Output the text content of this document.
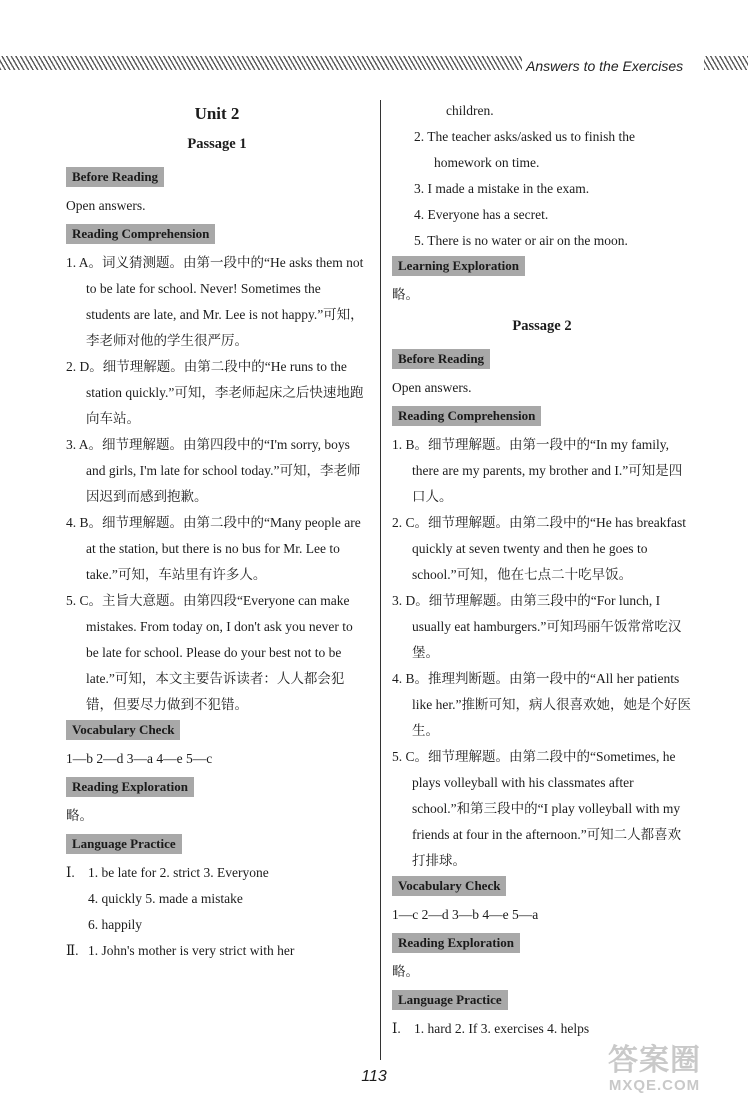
Answers to the Exercises
Unit 2
Passage 1
Before Reading

Open answers.

Reading Comprehension

1. A。词义猜测题。由第一段中的“He asks them not to be late for school. Never! Sometimes the students are late, and Mr. Lee is not happy.”可知，李老师对他的学生很严厉。

2. D。细节理解题。由第二段中的“He runs to the station quickly.”可知，李老师起床之后快速地跑向车站。

3. A。细节理解题。由第四段中的“I'm sorry, boys and girls, I'm late for school today.”可知，李老师因迟到而感到抱歉。

4. B。细节理解题。由第二段中的“Many people are at the station, but there is no bus for Mr. Lee to take.”可知，车站里有许多人。

5. C。主旨大意题。由第四段“Everyone can make mistakes. From today on, I don't ask you never to be late for school. Please do your best not to be late.”可知，本文主要告诉读者：人人都会犯错，但要尽力做到不犯错。

Vocabulary Check

1—b 2—d 3—a 4—e 5—c

Reading Exploration

略。

Language Practice

Ⅰ. 1. be late for 2. strict 3. Everyone

4. quickly 5. made a mistake

6. happily

Ⅱ. 1. John's mother is very strict with her

children.

2. The teacher asks/asked us to finish the homework on time.

3. I made a mistake in the exam.

4. Everyone has a secret.

5. There is no water or air on the moon.

Learning Exploration

略。

Passage 2
Before Reading

Open answers.

Reading Comprehension

1. B。细节理解题。由第一段中的“In my family, there are my parents, my brother and I.”可知是四口人。

2. C。细节理解题。由第二段中的“He has breakfast quickly at seven twenty and then he goes to school.”可知，他在七点二十吃早饭。

3. D。细节理解题。由第三段中的“For lunch, I usually eat hamburgers.”可知玛丽午饭常常吃汉堡。

4. B。推理判断题。由第一段中的“All her patients like her.”推断可知，病人很喜欢她，她是个好医生。

5. C。细节理解题。由第二段中的“Sometimes, he plays volleyball with his classmates after school.”和第三段中的“I play volleyball with my friends at four in the afternoon.”可知二人都喜欢打排球。

Vocabulary Check

1—c 2—d 3—b 4—e 5—a

Reading Exploration

略。

Language Practice

Ⅰ. 1. hard 2. If 3. exercises 4. helps

113	答案圈
MXQE.COM
